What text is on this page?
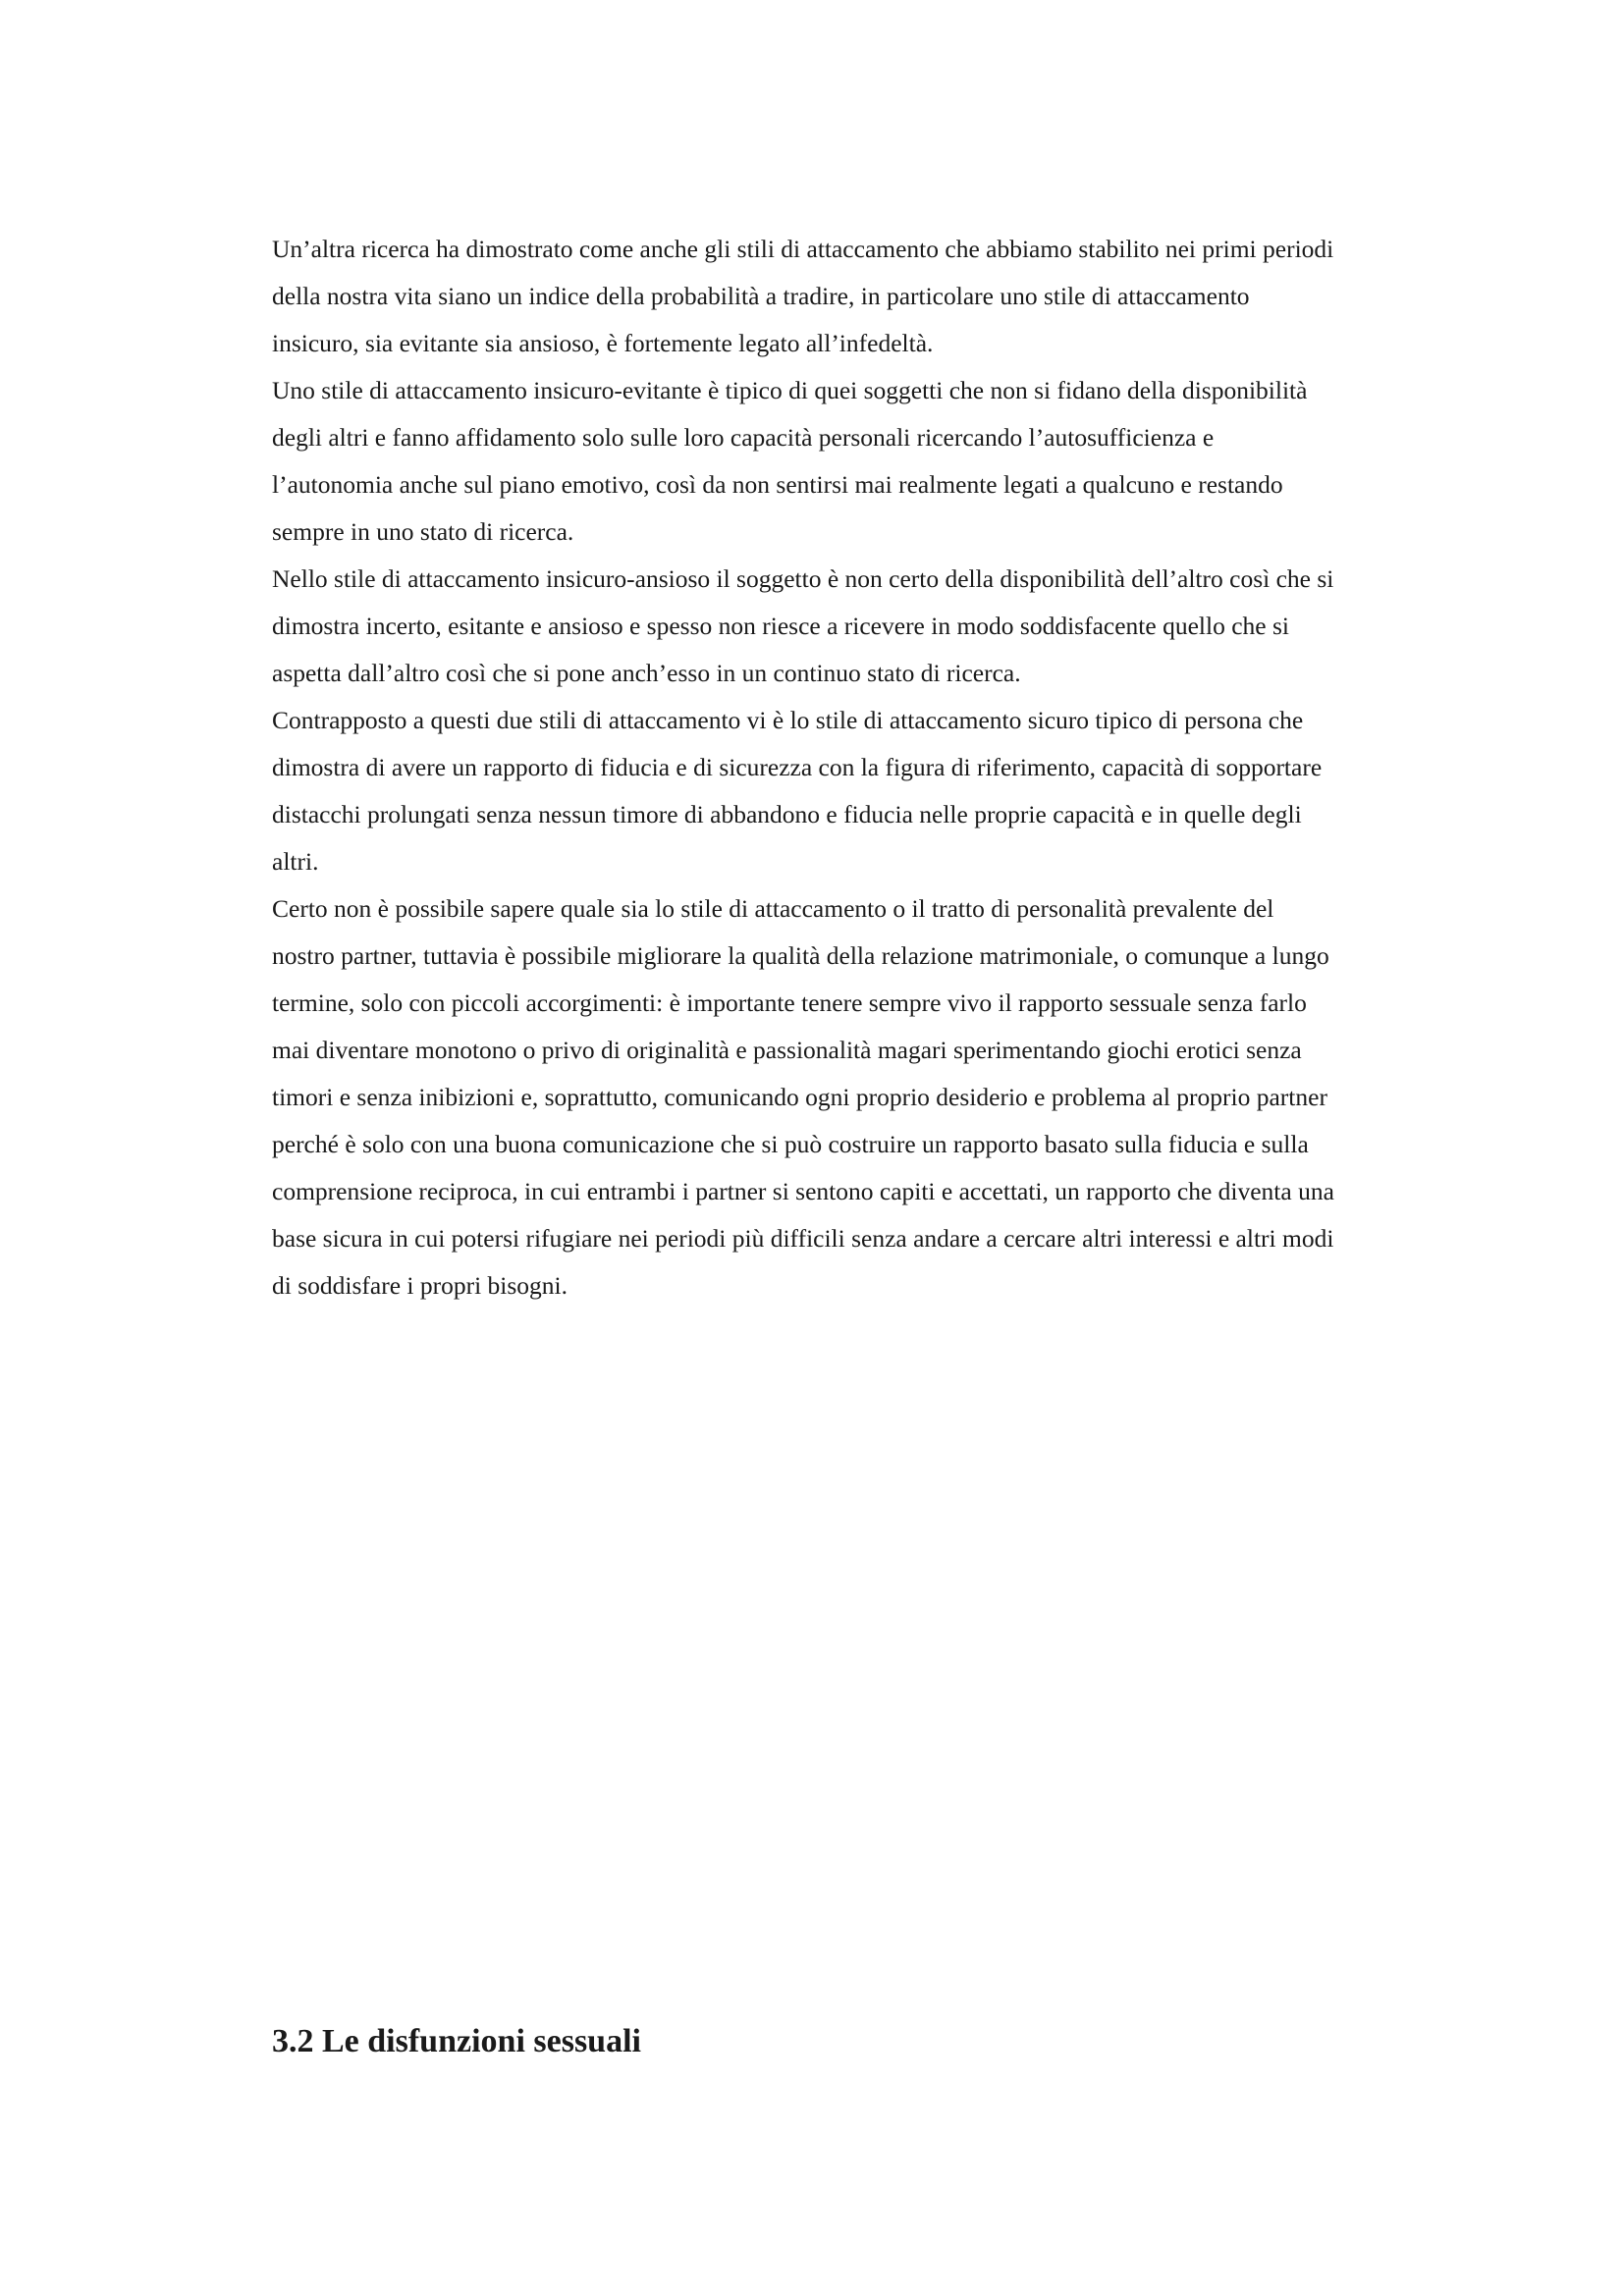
Un’altra ricerca ha dimostrato come anche gli stili di attaccamento che abbiamo stabilito nei primi periodi
della nostra vita siano un indice della probabilità a tradire, in particolare uno stile di attaccamento
insicuro, sia evitante sia ansioso, è fortemente legato all’infedeltà.
Uno stile di attaccamento insicuro-evitante è tipico di quei soggetti che non si fidano della disponibilità
degli altri e fanno affidamento solo sulle loro capacità personali ricercando l’autosufficienza e
l’autonomia anche sul piano emotivo, così da non sentirsi mai realmente legati a qualcuno e restando
sempre in uno stato di ricerca.
Nello stile di attaccamento insicuro-ansioso il soggetto è non certo della disponibilità dell’altro così che si
dimostra incerto, esitante e ansioso e spesso non riesce a ricevere in modo soddisfacente quello che si
aspetta dall’altro così che si pone anch’esso in un continuo stato di ricerca.
Contrapposto a questi due stili di attaccamento vi è lo stile di attaccamento sicuro tipico di persona che
dimostra di avere un rapporto di fiducia e di sicurezza con la figura di riferimento, capacità di sopportare
distacchi prolungati senza nessun timore di abbandono e fiducia nelle proprie capacità e in quelle degli
altri.
Certo non è possibile sapere quale sia lo stile di attaccamento o il tratto di personalità prevalente del
nostro partner, tuttavia è possibile migliorare la qualità della relazione matrimoniale, o comunque a lungo
termine, solo con piccoli accorgimenti: è importante tenere sempre vivo il rapporto sessuale senza farlo
mai diventare monotono o privo di originalità e passionalità magari sperimentando giochi erotici senza
timori e senza inibizioni e, soprattutto, comunicando ogni proprio desiderio e problema al proprio partner
perché è solo con una buona comunicazione che si può costruire un rapporto basato sulla fiducia e sulla
comprensione reciproca, in cui entrambi i partner si sentono capiti e accettati, un rapporto che diventa una
base sicura in cui potersi rifugiare nei periodi più difficili senza andare a cercare altri interessi e altri modi
di soddisfare i propri bisogni.
3.2 Le disfunzioni sessuali
